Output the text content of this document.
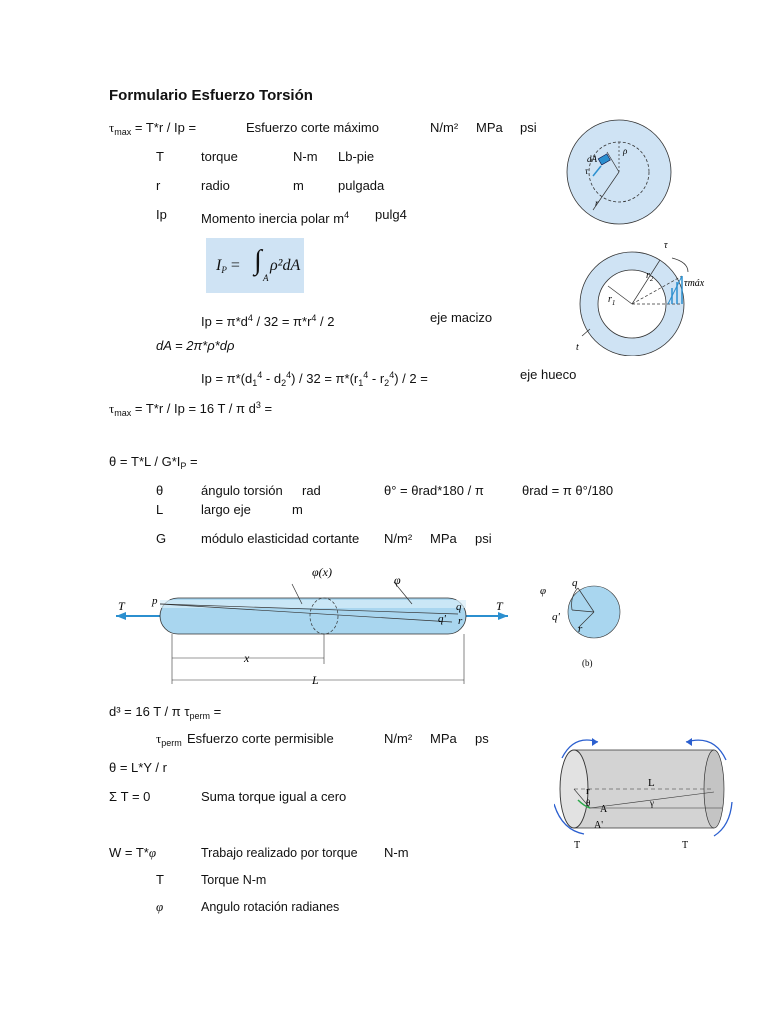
Formulario Esfuerzo Torsión
$\tau_{max} = T*r / Ip$ =	Esfuerzo corte máximo	N/m² MPa psi
T	torque	N-m Lb-pie
r	radio	m	pulgada
Ip	Momento inercia polar $m^4$ pulg4
$I_P$ = ∫
A
ρ²dA
$Ip = \pi*d^4 / 32 = \pi*r^4 / 2$	eje macizo
dA = 2π*ρ*dρ
$Ip = \pi*(d_1^4 - d_2^4) / 32 = \pi*(r_1^4 - r_2^4) / 2$ =	eje hueco
$\tau_{max} = T*r / Ip = 16$ T / π $d^3$ =
$\theta = T*L / G*I_P$ =
θ	ángulo torsión rad	θ° = θrad*180 / π	θrad = π θ°/180
L	largo eje	m
G	módulo elasticidad cortante N/m² MPa psi
d³ = 16 T / π $\tau_{perm}$ =
$\tau_{perm}$ Esfuerzo corte permisible	N/m² MPa ps
θ = L*Υ / r
Σ T = 0	Suma torque igual a cero
W = T*φ	Trabajo realizado por torque N-m
T	Torque N-m
φ	Angulo rotación radianes
dA
τ
ρ
r
τ
τmáx
$r_2$
$r_1$
t
T	T
p	q
q' r
φ(x)
φ
x
L
φ
q
q'
r
(b)
r
θ
A
A'
L
γ
T	T
